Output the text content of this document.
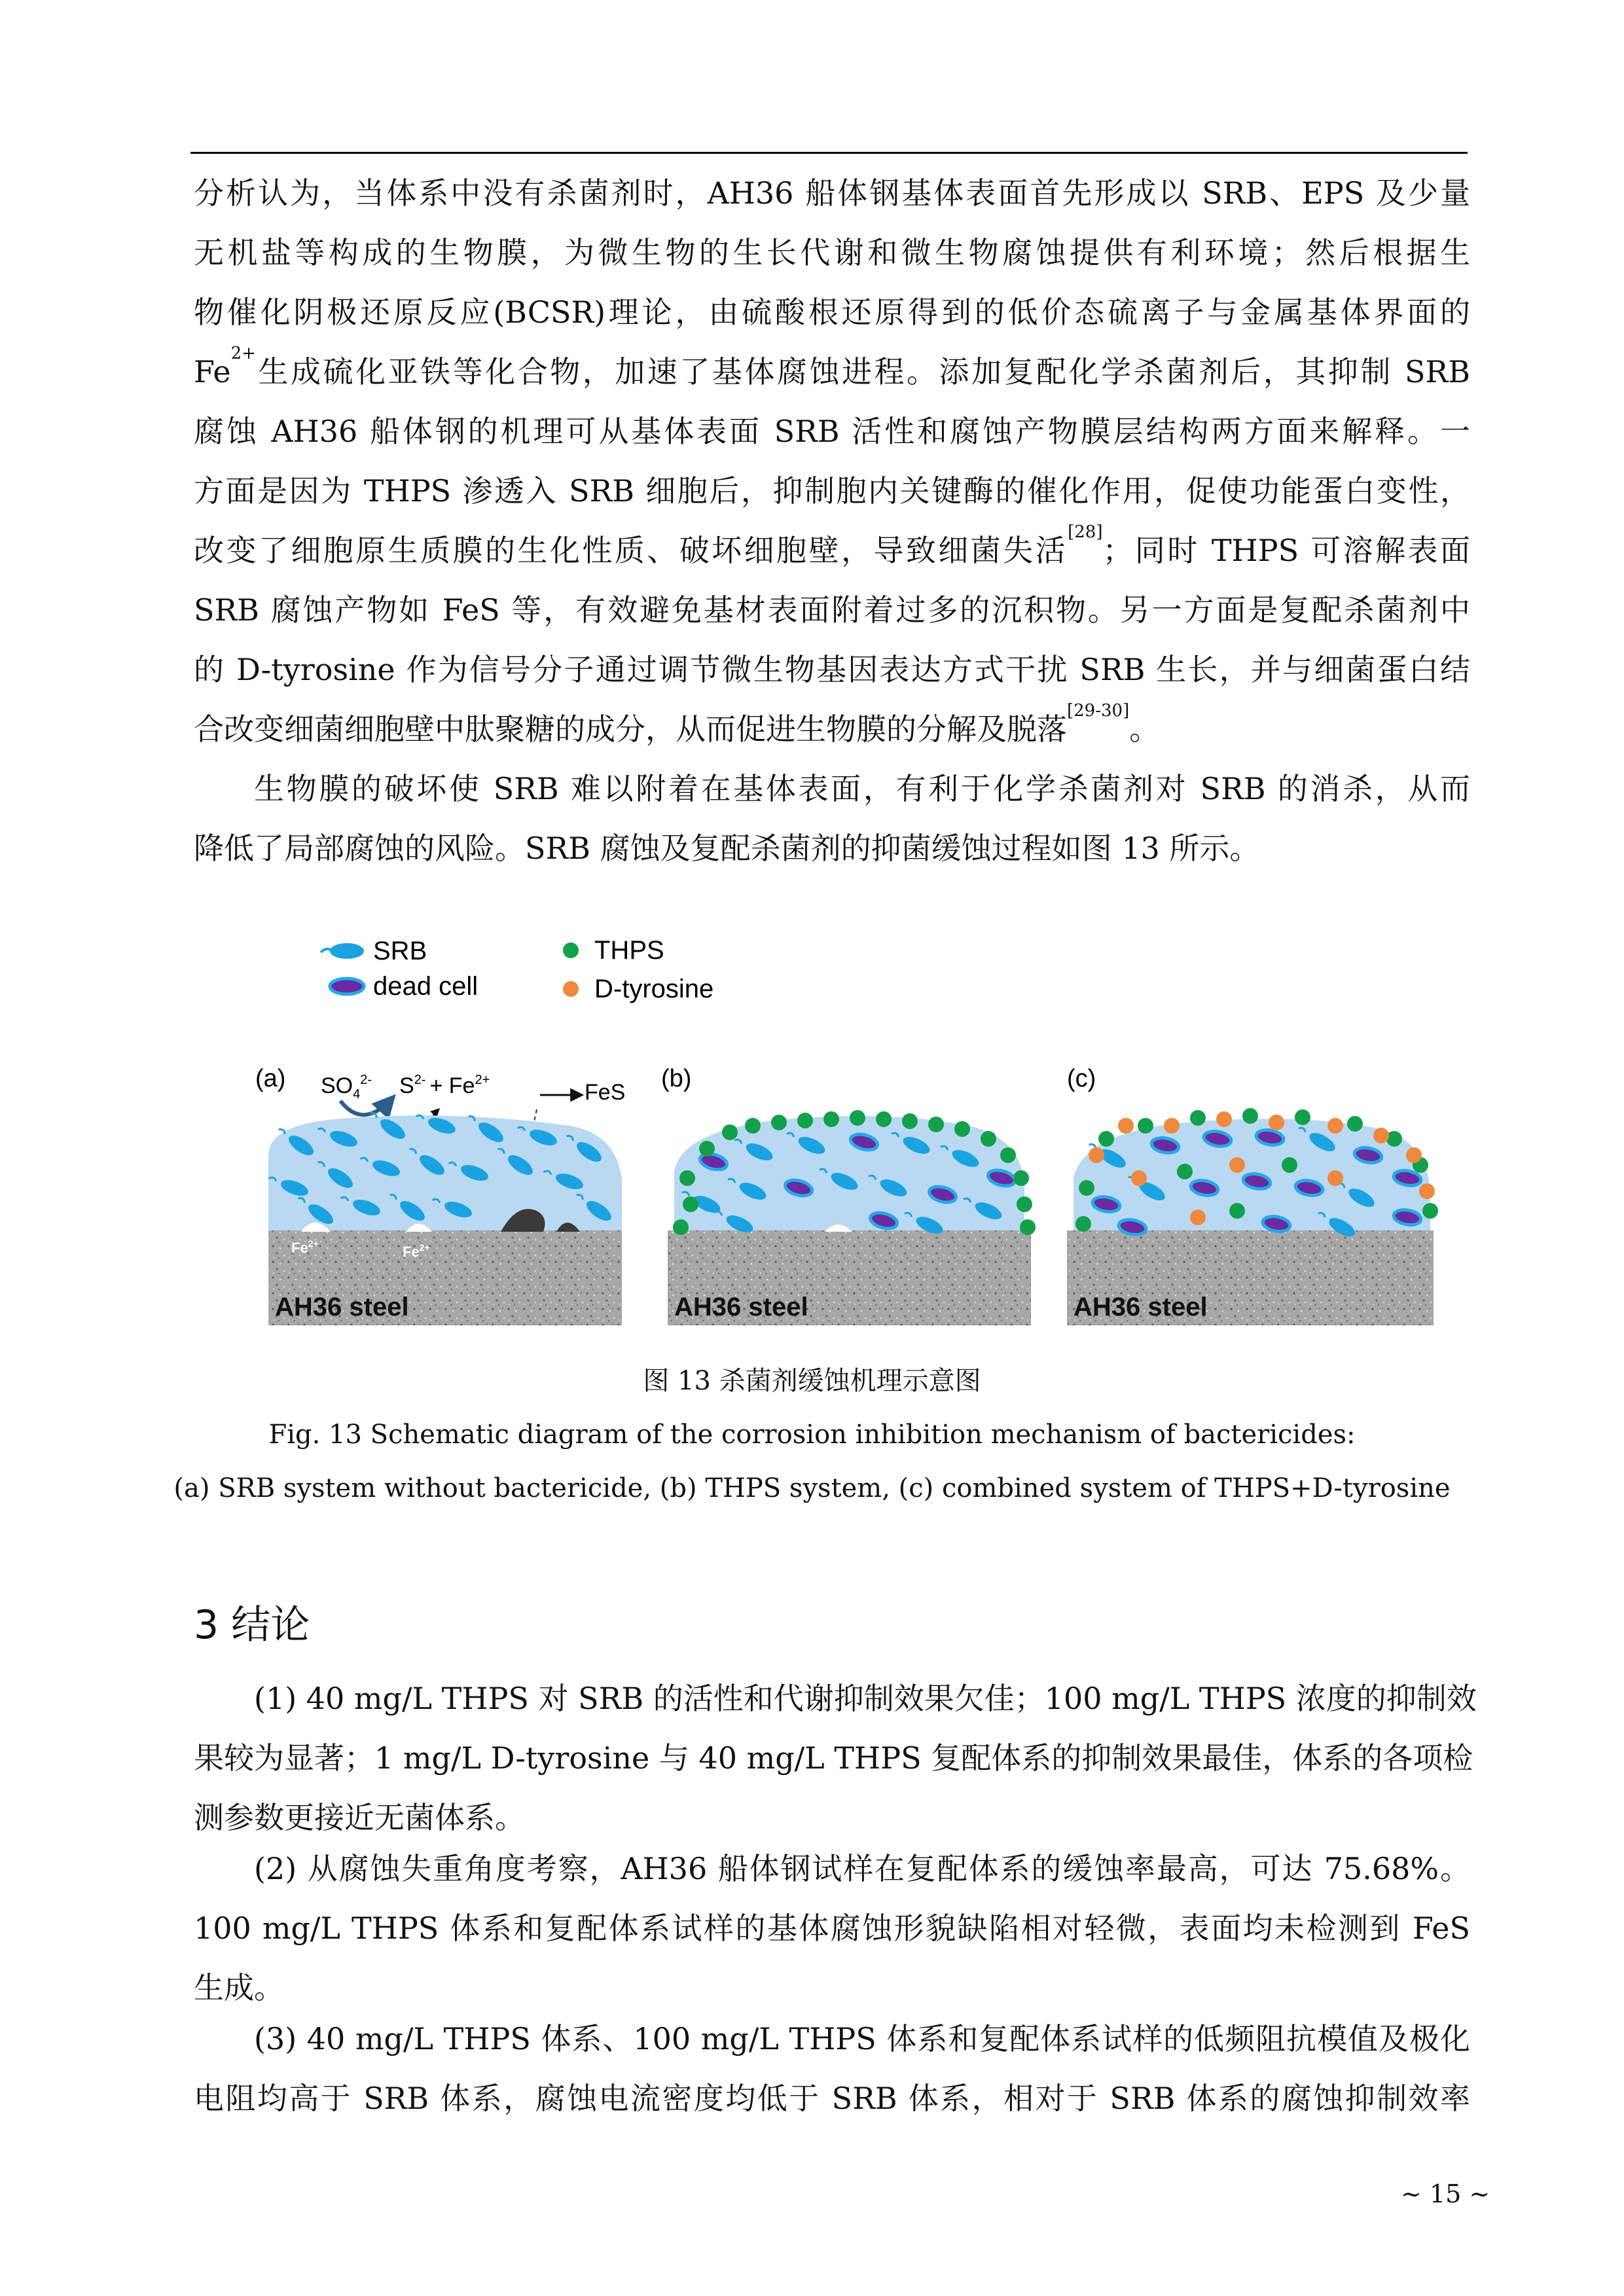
分析认为，当体系中没有杀菌剂时，AH36 船体钢基体表面首先形成以 SRB、EPS 及少量
无机盐等构成的生物膜，为微生物的生长代谢和微生物腐蚀提供有利环境；然后根据生
物催化阴极还原反应(BCSR)理论，由硫酸根还原得到的低价态硫离子与金属基体界面的
$Fe^{2+}$生成硫化亚铁等化合物，加速了基体腐蚀进程。添加复配化学杀菌剂后，其抑制 SRB
腐蚀 AH36 船体钢的机理可从基体表面 SRB 活性和腐蚀产物膜层结构两方面来解释。一
方面是因为 THPS 渗透入 SRB 细胞后，抑制胞内关键酶的催化作用，促使功能蛋白变性，
改变了细胞原生质膜的生化性质、破坏细胞壁，导致细菌失活[28]；同时 THPS 可溶解表面
SRB 腐蚀产物如 FeS 等，有效避免基材表面附着过多的沉积物。另一方面是复配杀菌剂中
的 D-tyrosine 作为信号分子通过调节微生物基因表达方式干扰 SRB 生长，并与细菌蛋白结
合改变细菌细胞壁中肽聚糖的成分，从而促进生物膜的分解及脱落[29-30]。
生物膜的破坏使 SRB 难以附着在基体表面，有利于化学杀菌剂对 SRB 的消杀，从而
降低了局部腐蚀的风险。SRB 腐蚀及复配杀菌剂的抑菌缓蚀过程如图 13 所示。
SRB
dead cell
THPS
D-tyrosine
(a) $SO_4^{2-}$ $S^{2-} + Fe^{2+}$	FeS
$Fe^{2+}$	$Fe^{2+}$
AH36 steel
(b)
AH36 steel
(c)
AH36 steel
图 13 杀菌剂缓蚀机理示意图
Fig. 13 Schematic diagram of the corrosion inhibition mechanism of bactericides:
(a) SRB system without bactericide, (b) THPS system, (c) combined system of THPS+D-tyrosine
3 结论
(1) 40 mg/L THPS 对 SRB 的活性和代谢抑制效果欠佳；100 mg/L THPS 浓度的抑制效
果较为显著；1 mg/L D-tyrosine 与 40 mg/L THPS 复配体系的抑制效果最佳，体系的各项检
测参数更接近无菌体系。
(2) 从腐蚀失重角度考察，AH36 船体钢试样在复配体系的缓蚀率最高，可达 75.68%。
100 mg/L THPS 体系和复配体系试样的基体腐蚀形貌缺陷相对轻微，表面均未检测到 FeS
生成。
(3) 40 mg/L THPS 体系、100 mg/L THPS 体系和复配体系试样的低频阻抗模值及极化
电阻均高于 SRB 体系，腐蚀电流密度均低于 SRB 体系，相对于 SRB 体系的腐蚀抑制效率
~ 15 ~
